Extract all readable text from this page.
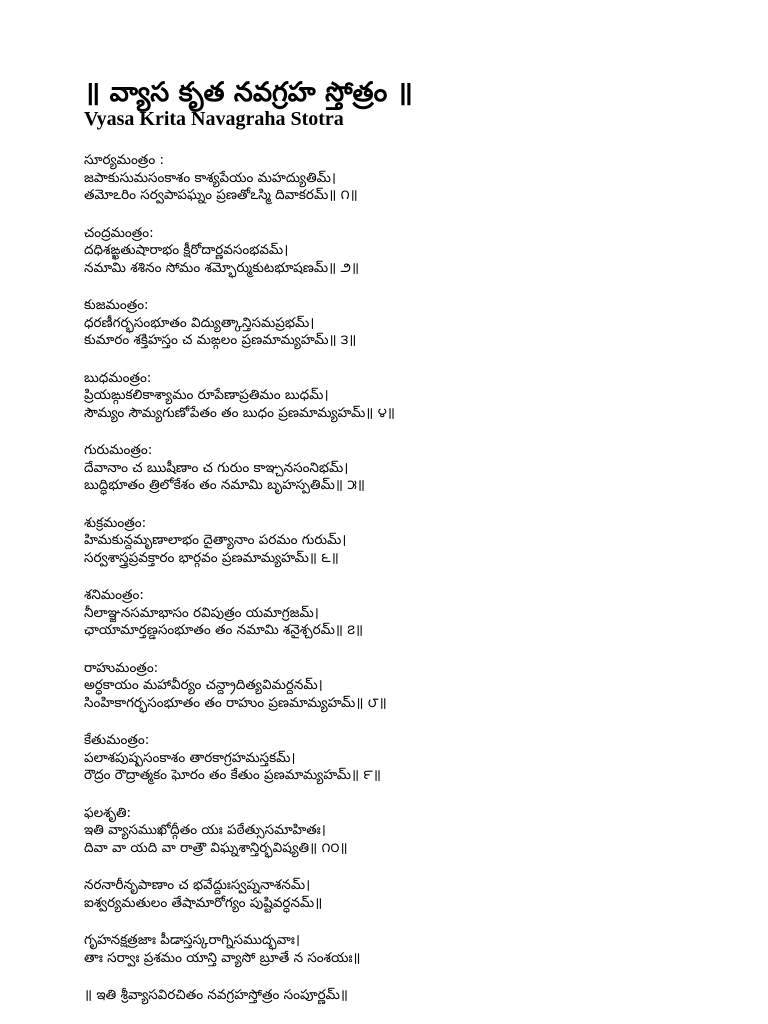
॥ వ్యాస కృత నవగ్రహ స్తోత్రం ॥
Vyasa Krita Navagraha Stotra
సూర్యమంత్రం :
జపాకుసుమసంకాశం కాశ్యపేయం మహద్యుతిమ్।
తమోఽరిం సర్వపాపఘ్నం ప్రణతోఽస్మి దివాకరమ్॥ ౧॥
చంద్రమంత్రం:
దధిశఙ్ఖతుషారాభం క్షీరోదార్ణవసంభవమ్।
నమామి శశినం సోమం శమ్భోర్ముకుటభూషణమ్॥ ౨॥
కుజమంత్రం:
ధరణీగర్భసంభూతం విద్యుత్కాన్తిసమప్రభమ్।
కుమారం శక్తిహస్తం చ మఙ్గలం ప్రణమామ్యహమ్॥ ౩॥
బుధమంత్రం:
ప్రియఙ్గుకలికాశ్యామం రూపేణాప్రతిమం బుధమ్।
సౌమ్యం సౌమ్యగుణోపేతం తం బుధం ప్రణమామ్యహమ్॥ ౪॥
గురుమంత్రం:
దేవానాం చ ఋషీణాం చ గురుం కాఞ్చనసంనిభమ్।
బుద్ధిభూతం త్రిలోకేశం తం నమామి బృహస్పతిమ్॥ ౫॥
శుక్రమంత్రం:
హిమకున్దమృణాలాభం దైత్యానాం పరమం గురుమ్।
సర్వశాస్త్రప్రవక్తారం భార్గవం ప్రణమామ్యహమ్॥ ౬॥
శనిమంత్రం:
నీలాఞ్జనసమాభాసం రవిపుత్రం యమాగ్రజమ్।
ఛాయామార్తణ్డసంభూతం తం నమామి శనైశ్చరమ్॥ ౭॥
రాహుమంత్రం:
అర్ధకాయం మహావీర్యం చన్ద్రాదిత్యవిమర్దనమ్।
సింహికాగర్భసంభూతం తం రాహుం ప్రణమామ్యహమ్॥ ౮॥
కేతుమంత్రం:
పలాశపుష్పసంకాశం తారకాగ్రహమస్తకమ్।
రౌద్రం రౌద్రాత్మకం ఘోరం తం కేతుం ప్రణమామ్యహమ్॥ ౯॥
ఫలశృతి:
ఇతి వ్యాసముఖోద్గీతం యః పఠేత్సుసమాహితః।
దివా వా యది వా రాత్రౌ విఘ్నశాన్తిర్భవిష్యతి॥ ౧౦॥
నరనారీనృపాణాం చ భవేద్దుఃస్వప్ననాశనమ్।
ఐశ్వర్యమతులం తేషామారోగ్యం పుష్టివర్ధనమ్॥
గృహనక్షత్రజాః పీడాస్తస్కరాగ్నిసముద్భవాః।
తాః సర్వాః ప్రశమం యాన్తి వ్యాసో బ్రూతే న సంశయః॥
॥ ఇతి శ్రీవ్యాసవిరచితం నవగ్రహస్తోత్రం సంపూర్ణమ్॥
